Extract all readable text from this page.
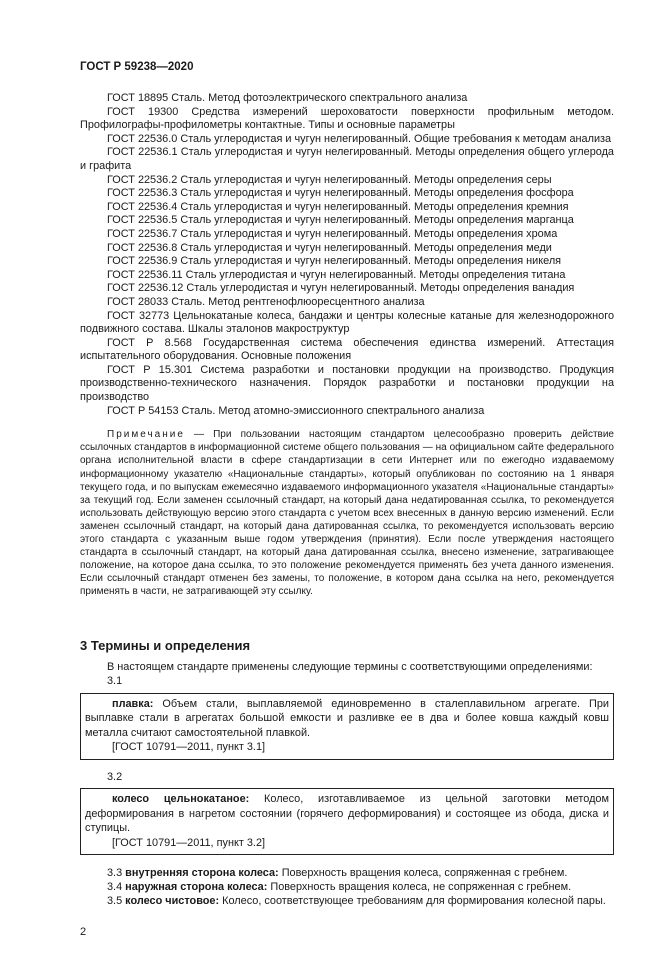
ГОСТ Р 59238—2020

ГОСТ 18895 Сталь. Метод фотоэлектрического спектрального анализа

ГОСТ 19300 Средства измерений шероховатости поверхности профильным методом. Профилографы-профилометры контактные. Типы и основные параметры

ГОСТ 22536.0 Сталь углеродистая и чугун нелегированный. Общие требования к методам анализа

ГОСТ 22536.1 Сталь углеродистая и чугун нелегированный. Методы определения общего углерода и графита

ГОСТ 22536.2 Сталь углеродистая и чугун нелегированный. Методы определения серы

ГОСТ 22536.3 Сталь углеродистая и чугун нелегированный. Методы определения фосфора

ГОСТ 22536.4 Сталь углеродистая и чугун нелегированный. Методы определения кремния

ГОСТ 22536.5 Сталь углеродистая и чугун нелегированный. Методы определения марганца

ГОСТ 22536.7 Сталь углеродистая и чугун нелегированный. Методы определения хрома

ГОСТ 22536.8 Сталь углеродистая и чугун нелегированный. Методы определения меди

ГОСТ 22536.9 Сталь углеродистая и чугун нелегированный. Методы определения никеля

ГОСТ 22536.11 Сталь углеродистая и чугун нелегированный. Методы определения титана

ГОСТ 22536.12 Сталь углеродистая и чугун нелегированный. Методы определения ванадия

ГОСТ 28033 Сталь. Метод рентгенофлюоресцентного анализа

ГОСТ 32773 Цельнокатаные колеса, бандажи и центры колесные катаные для железнодорожного подвижного состава. Шкалы эталонов макроструктур

ГОСТ Р 8.568 Государственная система обеспечения единства измерений. Аттестация испытательного оборудования. Основные положения

ГОСТ Р 15.301 Система разработки и постановки продукции на производство. Продукция производственно-технического назначения. Порядок разработки и постановки продукции на производство

ГОСТ Р 54153 Сталь. Метод атомно-эмиссионного спектрального анализа

Примечание — При пользовании настоящим стандартом целесообразно проверить действие ссылочных стандартов в информационной системе общего пользования — на официальном сайте федерального органа исполнительной власти в сфере стандартизации в сети Интернет или по ежегодно издаваемому информационному указателю «Национальные стандарты», который опубликован по состоянию на 1 января текущего года, и по выпускам ежемесячно издаваемого информационного указателя «Национальные стандарты» за текущий год. Если заменен ссылочный стандарт, на который дана недатированная ссылка, то рекомендуется использовать действующую версию этого стандарта с учетом всех внесенных в данную версию изменений. Если заменен ссылочный стандарт, на который дана датированная ссылка, то рекомендуется использовать версию этого стандарта с указанным выше годом утверждения (принятия). Если после утверждения настоящего стандарта в ссылочный стандарт, на который дана датированная ссылка, внесено изменение, затрагивающее положение, на которое дана ссылка, то это положение рекомендуется применять без учета данного изменения. Если ссылочный стандарт отменен без замены, то положение, в котором дана ссылка на него, рекомендуется применять в части, не затрагивающей эту ссылку.

3 Термины и определения

В настоящем стандарте применены следующие термины с соответствующими определениями:

3.1

плавка: Объем стали, выплавляемой единовременно в сталеплавильном агрегате. При выплавке стали в агрегатах большой емкости и разливке ее в два и более ковша каждый ковш металла считают самостоятельной плавкой.

[ГОСТ 10791—2011, пункт 3.1]

3.2

колесо цельнокатаное: Колесо, изготавливаемое из цельной заготовки методом деформирования в нагретом состоянии (горячего деформирования) и состоящее из обода, диска и ступицы.

[ГОСТ 10791—2011, пункт 3.2]

3.3 внутренняя сторона колеса: Поверхность вращения колеса, сопряженная с гребнем.

3.4 наружная сторона колеса: Поверхность вращения колеса, не сопряженная с гребнем.

3.5 колесо чистовое: Колесо, соответствующее требованиям для формирования колесной пары.

2
